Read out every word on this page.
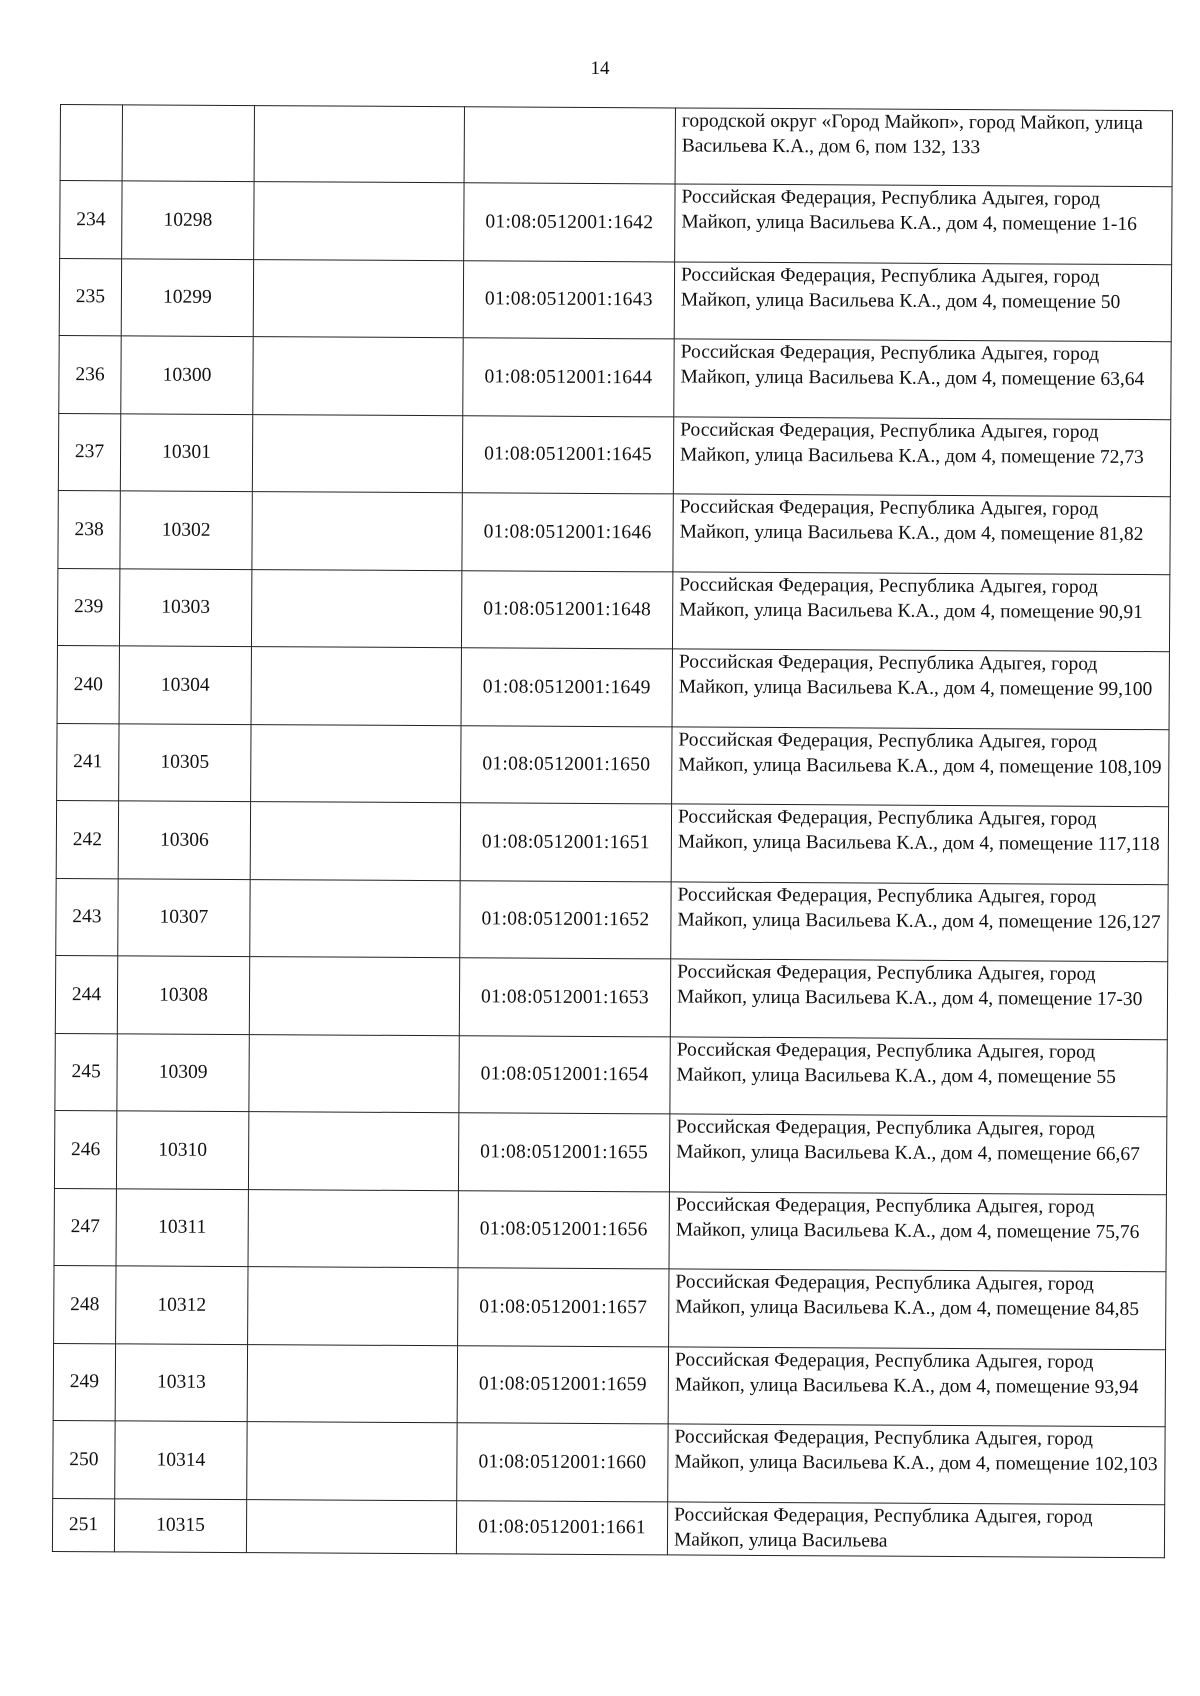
14

				городской округ «Город Майкоп», город Майкоп, улица Васильева К.А., дом 6, пом 132, 133

234	10298		01:08:0512001:1642	Российская Федерация, Республика Адыгея, город Майкоп, улица Васильева К.А., дом 4, помещение 1-16

235	10299		01:08:0512001:1643	Российская Федерация, Республика Адыгея, город Майкоп, улица Васильева К.А., дом 4, помещение 50

236	10300		01:08:0512001:1644	Российская Федерация, Республика Адыгея, город Майкоп, улица Васильева К.А., дом 4, помещение 63,64

237	10301		01:08:0512001:1645	Российская Федерация, Республика Адыгея, город Майкоп, улица Васильева К.А., дом 4, помещение 72,73

238	10302		01:08:0512001:1646	Российская Федерация, Республика Адыгея, город Майкоп, улица Васильева К.А., дом 4, помещение 81,82

239	10303		01:08:0512001:1648	Российская Федерация, Республика Адыгея, город Майкоп, улица Васильева К.А., дом 4, помещение 90,91

240	10304		01:08:0512001:1649	Российская Федерация, Республика Адыгея, город Майкоп, улица Васильева К.А., дом 4, помещение 99,100

241	10305		01:08:0512001:1650	Российская Федерация, Республика Адыгея, город Майкоп, улица Васильева К.А., дом 4, помещение 108,109

242	10306		01:08:0512001:1651	Российская Федерация, Республика Адыгея, город Майкоп, улица Васильева К.А., дом 4, помещение 117,118

243	10307		01:08:0512001:1652	Российская Федерация, Республика Адыгея, город Майкоп, улица Васильева К.А., дом 4, помещение 126,127

244	10308		01:08:0512001:1653	Российская Федерация, Республика Адыгея, город Майкоп, улица Васильева К.А., дом 4, помещение 17-30

245	10309		01:08:0512001:1654	Российская Федерация, Республика Адыгея, город Майкоп, улица Васильева К.А., дом 4, помещение 55

246	10310		01:08:0512001:1655	Российская Федерация, Республика Адыгея, город Майкоп, улица Васильева К.А., дом 4, помещение 66,67

247	10311		01:08:0512001:1656	Российская Федерация, Республика Адыгея, город Майкоп, улица Васильева К.А., дом 4, помещение 75,76

248	10312		01:08:0512001:1657	Российская Федерация, Республика Адыгея, город Майкоп, улица Васильева К.А., дом 4, помещение 84,85

249	10313		01:08:0512001:1659	Российская Федерация, Республика Адыгея, город Майкоп, улица Васильева К.А., дом 4, помещение 93,94

250	10314		01:08:0512001:1660	Российская Федерация, Республика Адыгея, город Майкоп, улица Васильева К.А., дом 4, помещение 102,103

251	10315		01:08:0512001:1661	Российская Федерация, Республика Адыгея, город Майкоп, улица Васильева
